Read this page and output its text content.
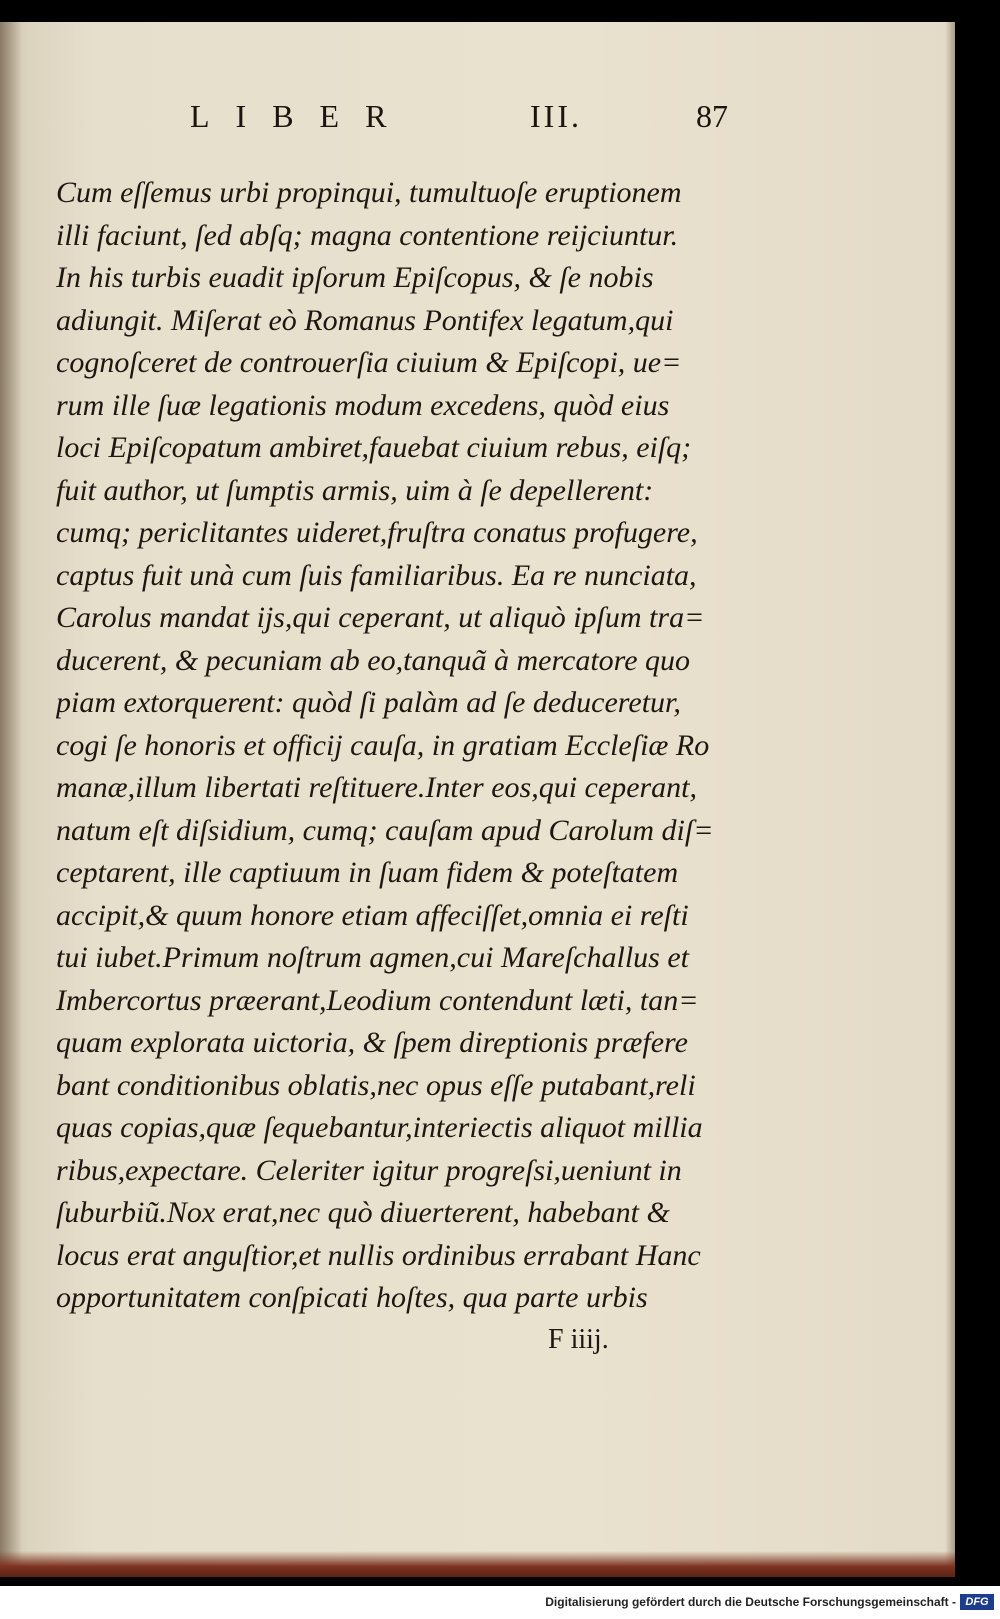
LIBER	III.	87
Cum eſſemus urbi propinqui, tumultuoſe eruptionem
illi faciunt, ſed abſq; magna contentione reijciuntur.
In his turbis euadit ipſorum Epiſcopus, & ſe nobis
adiungit. Miſerat eò Romanus Pontifex legatum,qui
cognoſceret de controuerſia ciuium & Epiſcopi, ue=
rum ille ſuæ legationis modum excedens, quòd eius
loci Epiſcopatum ambiret,fauebat ciuium rebus, eiſq;
fuit author, ut ſumptis armis, uim à ſe depellerent:
cumq; periclitantes uideret,fruſtra conatus profugere,
captus fuit unà cum ſuis familiaribus. Ea re nunciata,
Carolus mandat ijs,qui ceperant, ut aliquò ipſum tra=
ducerent, & pecuniam ab eo,tanquã à mercatore quo
piam extorquerent: quòd ſi palàm ad ſe deduceretur,
cogi ſe honoris et officij cauſa, in gratiam Eccleſiæ Ro
manæ,illum libertati reſtituere.Inter eos,qui ceperant,
natum eſt diſsidium, cumq; cauſam apud Carolum diſ=
ceptarent, ille captiuum in ſuam fidem & poteſtatem
accipit,& quum honore etiam affeciſſet,omnia ei reſti
tui iubet.Primum noſtrum agmen,cui Mareſchallus et
Imbercortus præerant,Leodium contendunt læti, tan=
quam explorata uictoria, & ſpem direptionis præfere
bant conditionibus oblatis,nec opus eſſe putabant,reli
quas copias,quæ ſequebantur,interiectis aliquot millia
ribus,expectare. Celeriter igitur progreſsi,ueniunt in
ſuburbiũ.Nox erat,nec quò diuerterent, habebant &
locus erat anguſtior,et nullis ordinibus errabant Hanc
opportunitatem conſpicati hoſtes, qua parte urbis
F iiij.
Digitalisierung gefördert durch die Deutsche Forschungsgemeinschaft - DFG
